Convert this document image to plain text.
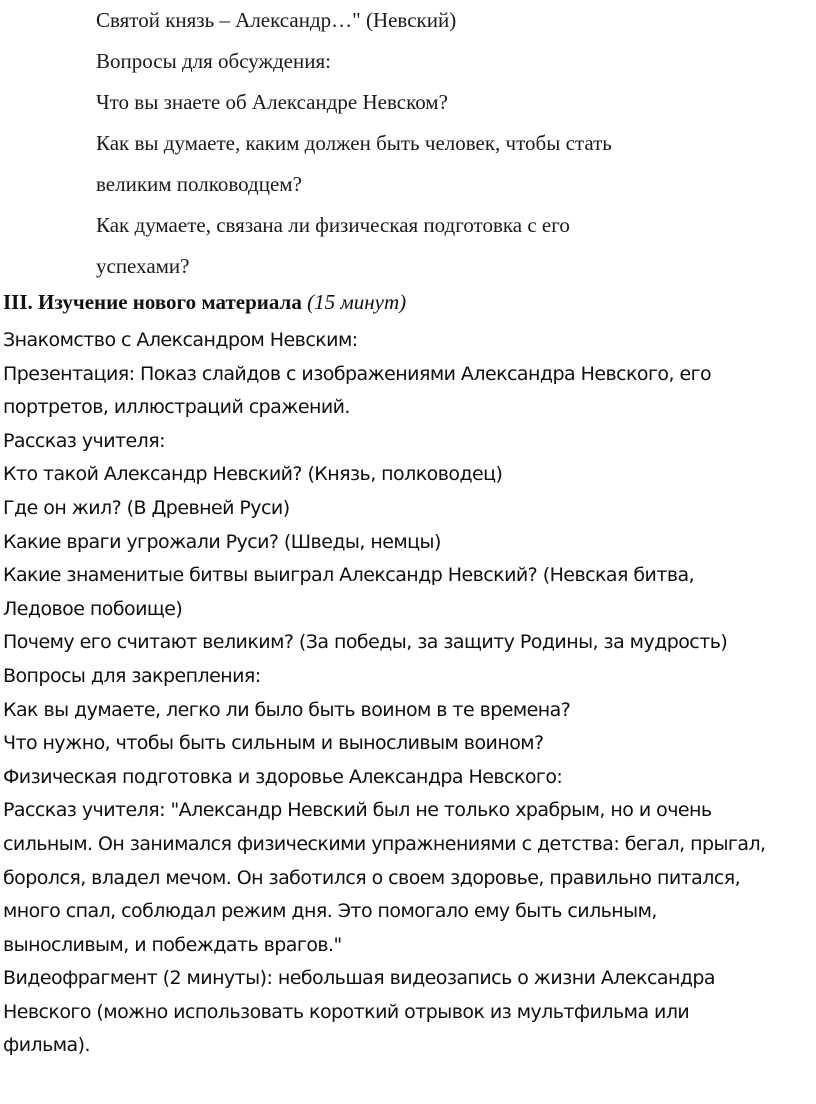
Святой князь – Александр…" (Невский)
Вопросы для обсуждения:
Что вы знаете об Александре Невском?
Как вы думаете, каким должен быть человек, чтобы стать
великим полководцем?
Как думаете, связана ли физическая подготовка с его
успехами?
III. Изучение нового материала (15 минут)
Знакомство с Александром Невским:
Презентация: Показ слайдов с изображениями Александра Невского, его
портретов, иллюстраций сражений.
Рассказ учителя:
Кто такой Александр Невский? (Князь, полководец)
Где он жил? (В Древней Руси)
Какие враги угрожали Руси? (Шведы, немцы)
Какие знаменитые битвы выиграл Александр Невский? (Невская битва,
Ледовое побоище)
Почему его считают великим? (За победы, за защиту Родины, за мудрость)
Вопросы для закрепления:
Как вы думаете, легко ли было быть воином в те времена?
Что нужно, чтобы быть сильным и выносливым воином?
Физическая подготовка и здоровье Александра Невского:
Рассказ учителя: "Александр Невский был не только храбрым, но и очень
сильным. Он занимался физическими упражнениями с детства: бегал, прыгал,
боролся, владел мечом. Он заботился о своем здоровье, правильно питался,
много спал, соблюдал режим дня. Это помогало ему быть сильным,
выносливым, и побеждать врагов."
Видеофрагмент (2 минуты): небольшая видеозапись о жизни Александра
Невского (можно использовать короткий отрывок из мультфильма или
фильма).
